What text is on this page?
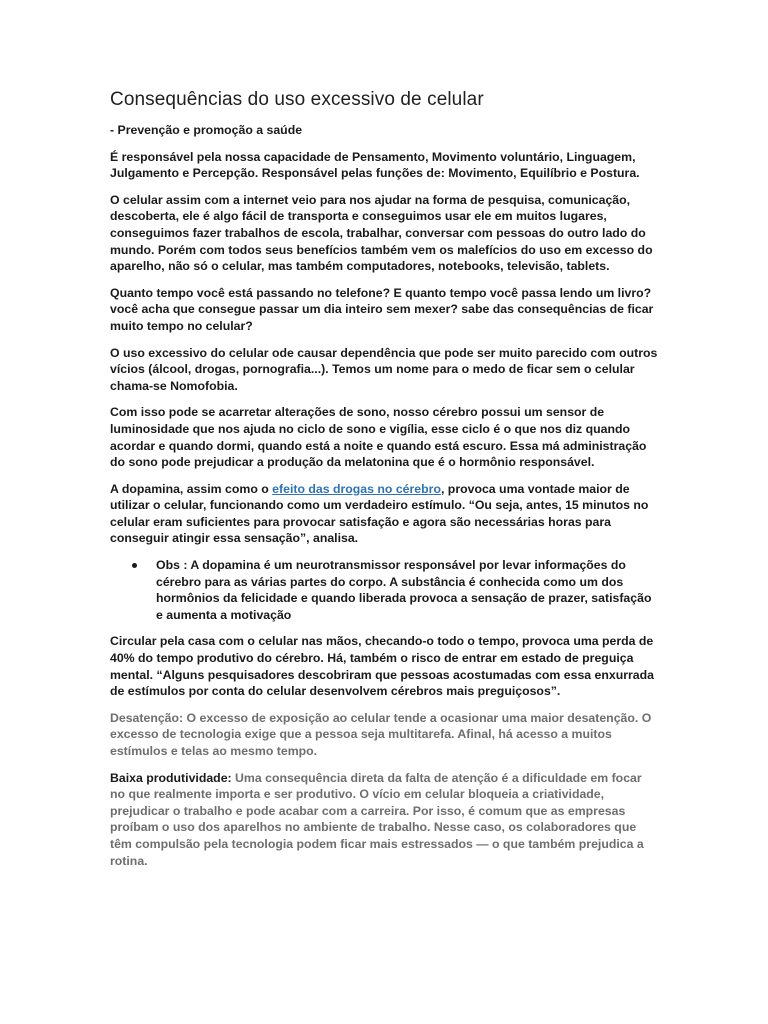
Consequências do uso excessivo de celular

- Prevenção e promoção a saúde

É responsável pela nossa capacidade de Pensamento, Movimento voluntário, Linguagem, Julgamento e Percepção. Responsável pelas funções de: Movimento, Equilíbrio e Postura.

O celular assim com a internet veio para nos ajudar na forma de pesquisa, comunicação, descoberta, ele é algo fácil de transporta e conseguimos usar ele em muitos lugares, conseguimos fazer trabalhos de escola, trabalhar, conversar com pessoas do outro lado do mundo. Porém com todos seus benefícios também vem os malefícios do uso em excesso do aparelho, não só o celular, mas também computadores, notebooks, televisão, tablets.

Quanto tempo você está passando no telefone? E quanto tempo você passa lendo um livro? você acha que consegue passar um dia inteiro sem mexer? sabe das consequências de ficar muito tempo no celular?

O uso excessivo do celular ode causar dependência que pode ser muito parecido com outros vícios (álcool, drogas, pornografia...). Temos um nome para o medo de ficar sem o celular chama-se Nomofobia.

Com isso pode se acarretar alterações de sono, nosso cérebro possui um sensor de luminosidade que nos ajuda no ciclo de sono e vigília, esse ciclo é o que nos diz quando acordar e quando dormi, quando está a noite e quando está escuro. Essa má administração do sono pode prejudicar a produção da melatonina que é o hormônio responsável.

A dopamina, assim como o efeito das drogas no cérebro, provoca uma vontade maior de utilizar o celular, funcionando como um verdadeiro estímulo. “Ou seja, antes, 15 minutos no celular eram suficientes para provocar satisfação e agora são necessárias horas para conseguir atingir essa sensação”, analisa.

Obs : A dopamina é um neurotransmissor responsável por levar informações do cérebro para as várias partes do corpo. A substância é conhecida como um dos hormônios da felicidade e quando liberada provoca a sensação de prazer, satisfação e aumenta a motivação

Circular pela casa com o celular nas mãos, checando-o todo o tempo, provoca uma perda de 40% do tempo produtivo do cérebro. Há, também o risco de entrar em estado de preguiça mental. “Alguns pesquisadores descobriram que pessoas acostumadas com essa enxurrada de estímulos por conta do celular desenvolvem cérebros mais preguiçosos”.

Desatenção: O excesso de exposição ao celular tende a ocasionar uma maior desatenção. O excesso de tecnologia exige que a pessoa seja multitarefa. Afinal, há acesso a muitos estímulos e telas ao mesmo tempo.

Baixa produtividade: Uma consequência direta da falta de atenção é a dificuldade em focar no que realmente importa e ser produtivo. O vício em celular bloqueia a criatividade, prejudicar o trabalho e pode acabar com a carreira. Por isso, é comum que as empresas proíbam o uso dos aparelhos no ambiente de trabalho. Nesse caso, os colaboradores que têm compulsão pela tecnologia podem ficar mais estressados — o que também prejudica a rotina.
